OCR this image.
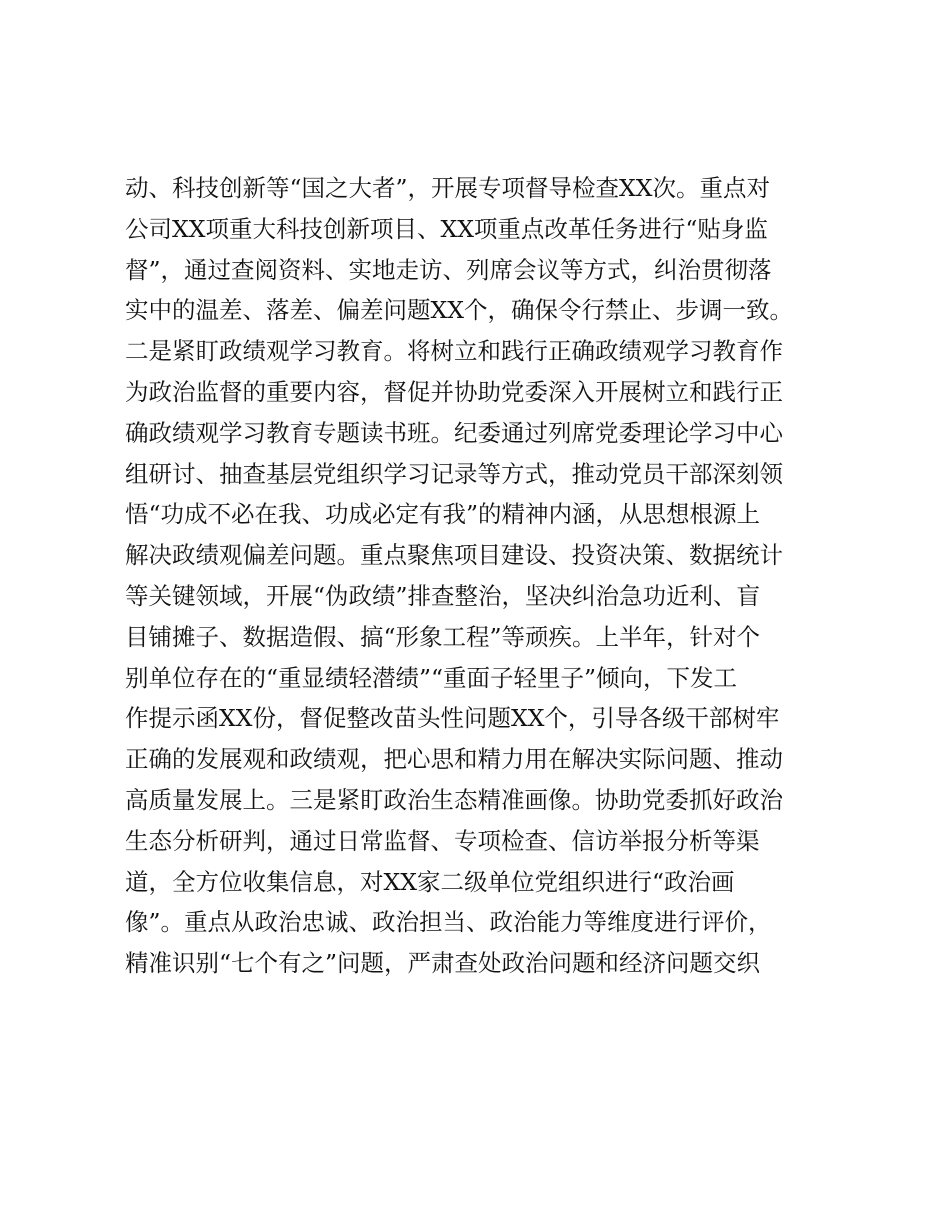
动、科技创新等“国之大者”，开展专项督导检查XX次。重点对
公司XX项重大科技创新项目、XX项重点改革任务进行“贴身监
督”，通过查阅资料、实地走访、列席会议等方式，纠治贯彻落
实中的温差、落差、偏差问题XX个，确保令行禁止、步调一致。
二是紧盯政绩观学习教育。将树立和践行正确政绩观学习教育作
为政治监督的重要内容，督促并协助党委深入开展树立和践行正
确政绩观学习教育专题读书班。纪委通过列席党委理论学习中心
组研讨、抽查基层党组织学习记录等方式，推动党员干部深刻领
悟“功成不必在我、功成必定有我”的精神内涵，从思想根源上
解决政绩观偏差问题。重点聚焦项目建设、投资决策、数据统计
等关键领域，开展“伪政绩”排查整治，坚决纠治急功近利、盲
目铺摊子、数据造假、搞“形象工程”等顽疾。上半年，针对个
别单位存在的“重显绩轻潜绩”“重面子轻里子”倾向，下发工
作提示函XX份，督促整改苗头性问题XX个，引导各级干部树牢
正确的发展观和政绩观，把心思和精力用在解决实际问题、推动
高质量发展上。三是紧盯政治生态精准画像。协助党委抓好政治
生态分析研判，通过日常监督、专项检查、信访举报分析等渠
道，全方位收集信息，对XX家二级单位党组织进行“政治画
像”。重点从政治忠诚、政治担当、政治能力等维度进行评价，
精准识别“七个有之”问题，严肃查处政治问题和经济问题交织
